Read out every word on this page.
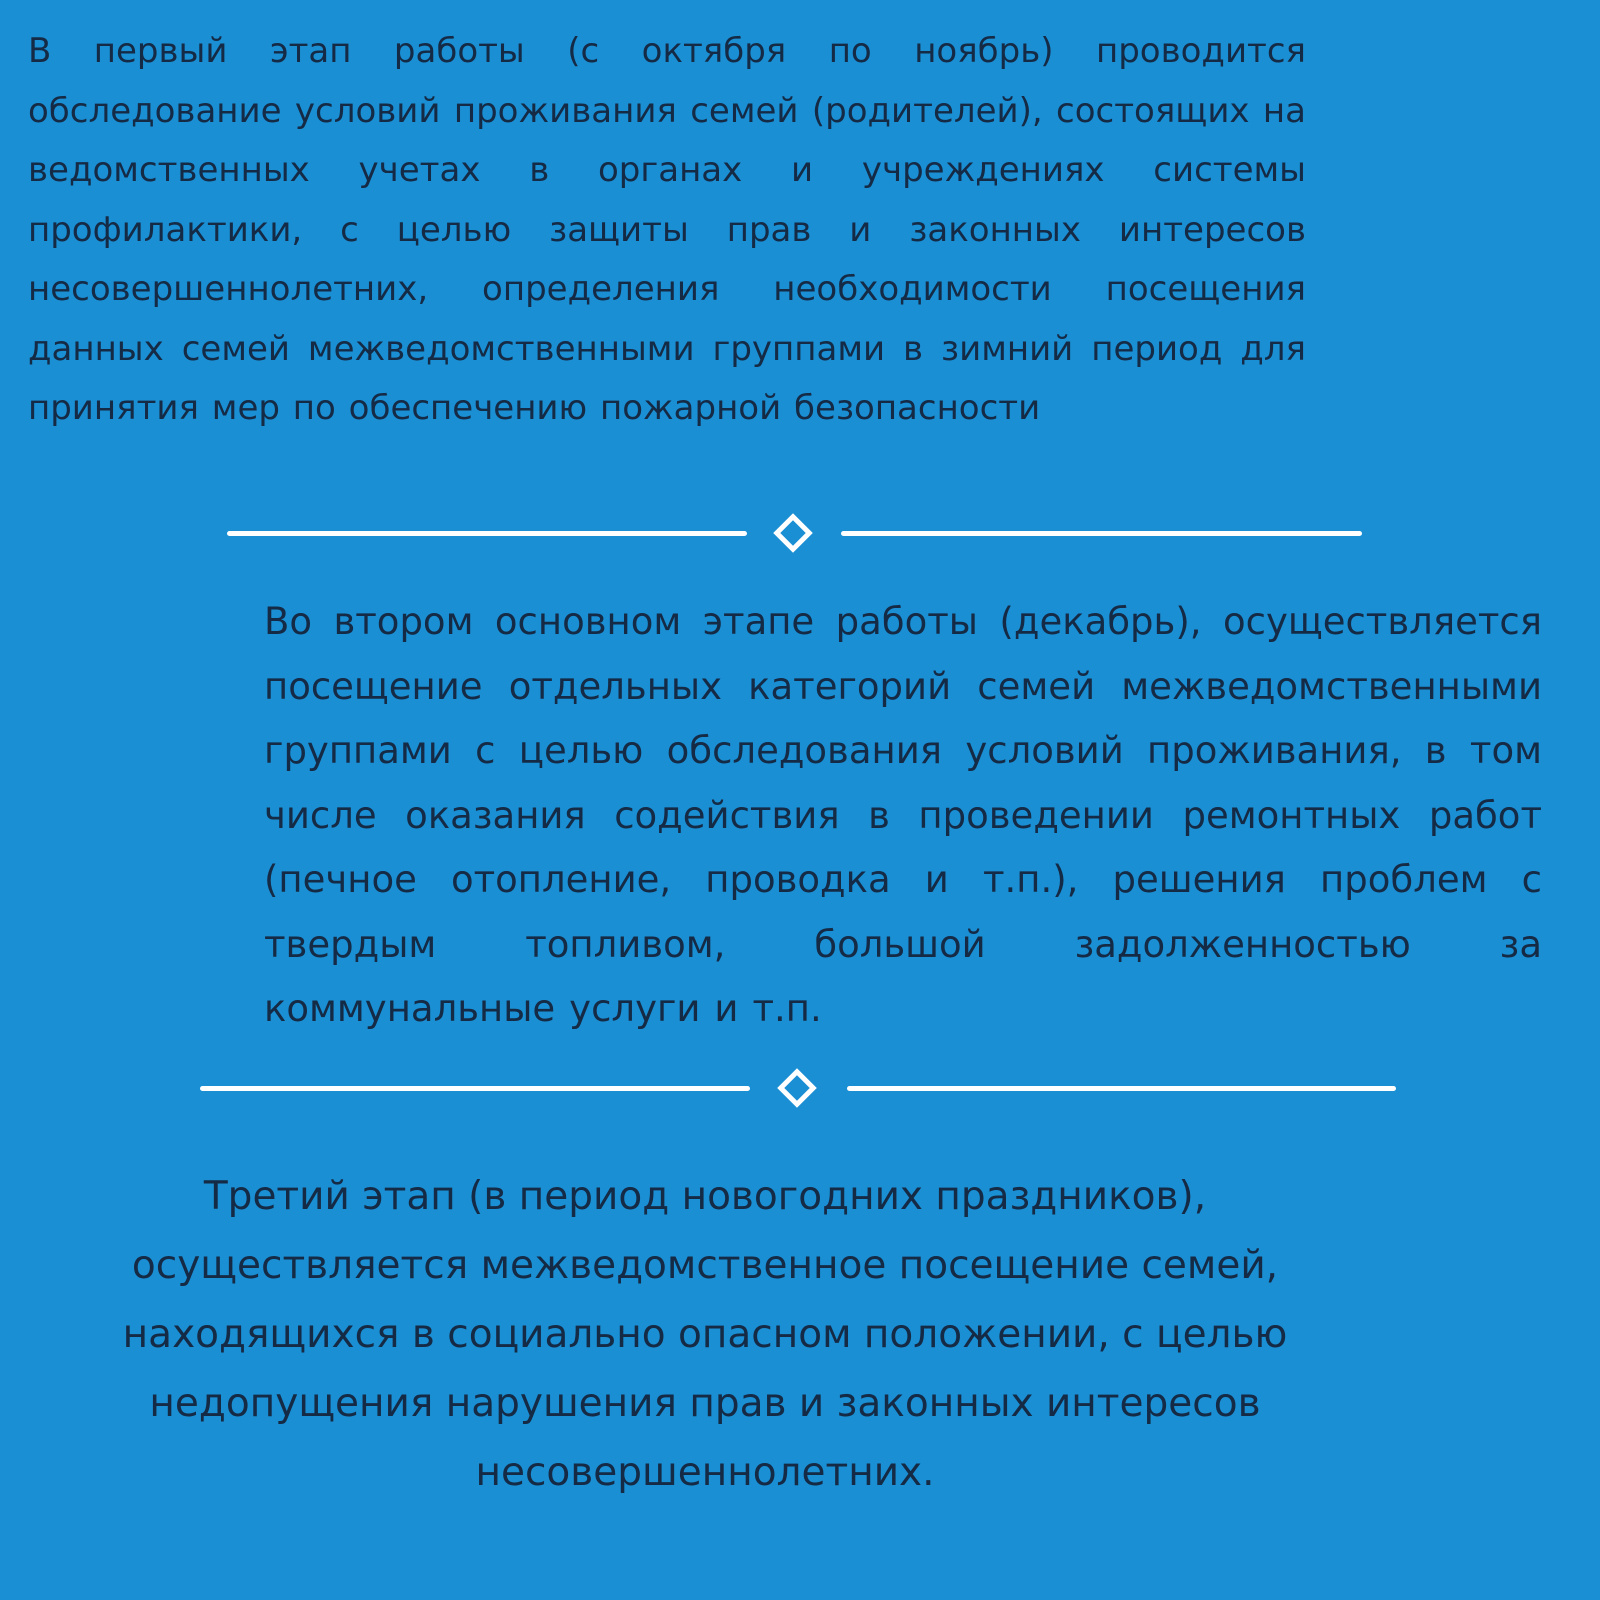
В первый этап работы (с октября по ноябрь) проводится обследование условий проживания семей (родителей), состоящих на ведомственных учетах в органах и учреждениях системы профилактики, с целью защиты прав и законных интересов несовершеннолетних, определения необходимости посещения данных семей межведомственными группами в зимний период для принятия мер по обеспечению пожарной безопасности

Во втором основном этапе работы (декабрь), осуществляется посещение отдельных категорий семей межведомственными группами с целью обследования условий проживания, в том числе оказания содействия в проведении ремонтных работ (печное отопление, проводка и т.п.), решения проблем с твердым топливом, большой задолженностью за коммунальные услуги и т.п.

Третий этап (в период новогодних праздников), осуществляется межведомственное посещение семей, находящихся в социально опасном положении, с целью недопущения нарушения прав и законных интересов несовершеннолетних.
